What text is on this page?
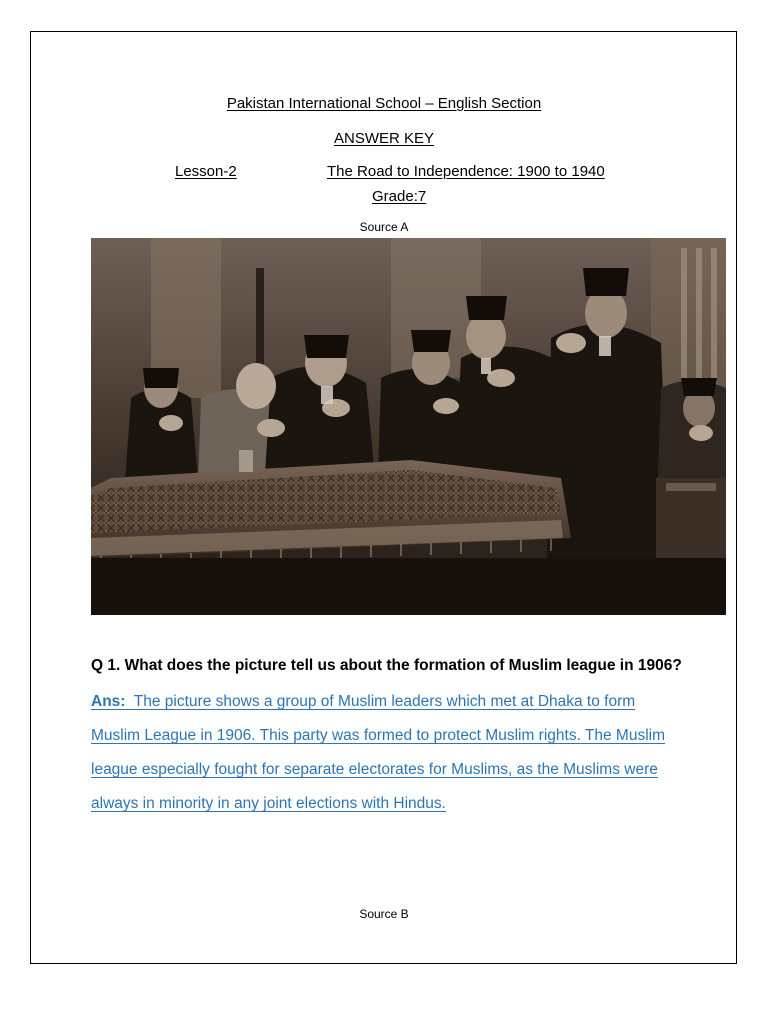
Pakistan International School – English Section
ANSWER KEY
Lesson-2	The Road to Independence: 1900 to 1940
Grade:7
Source A
Q 1. What does the picture tell us about the formation of Muslim league in 1906?
Ans:  The picture shows a group of Muslim leaders which met at Dhaka to form
Muslim League in 1906. This party was formed to protect Muslim rights. The Muslim
league especially fought for separate electorates for Muslims, as the Muslims were
always in minority in any joint elections with Hindus.
Source B
